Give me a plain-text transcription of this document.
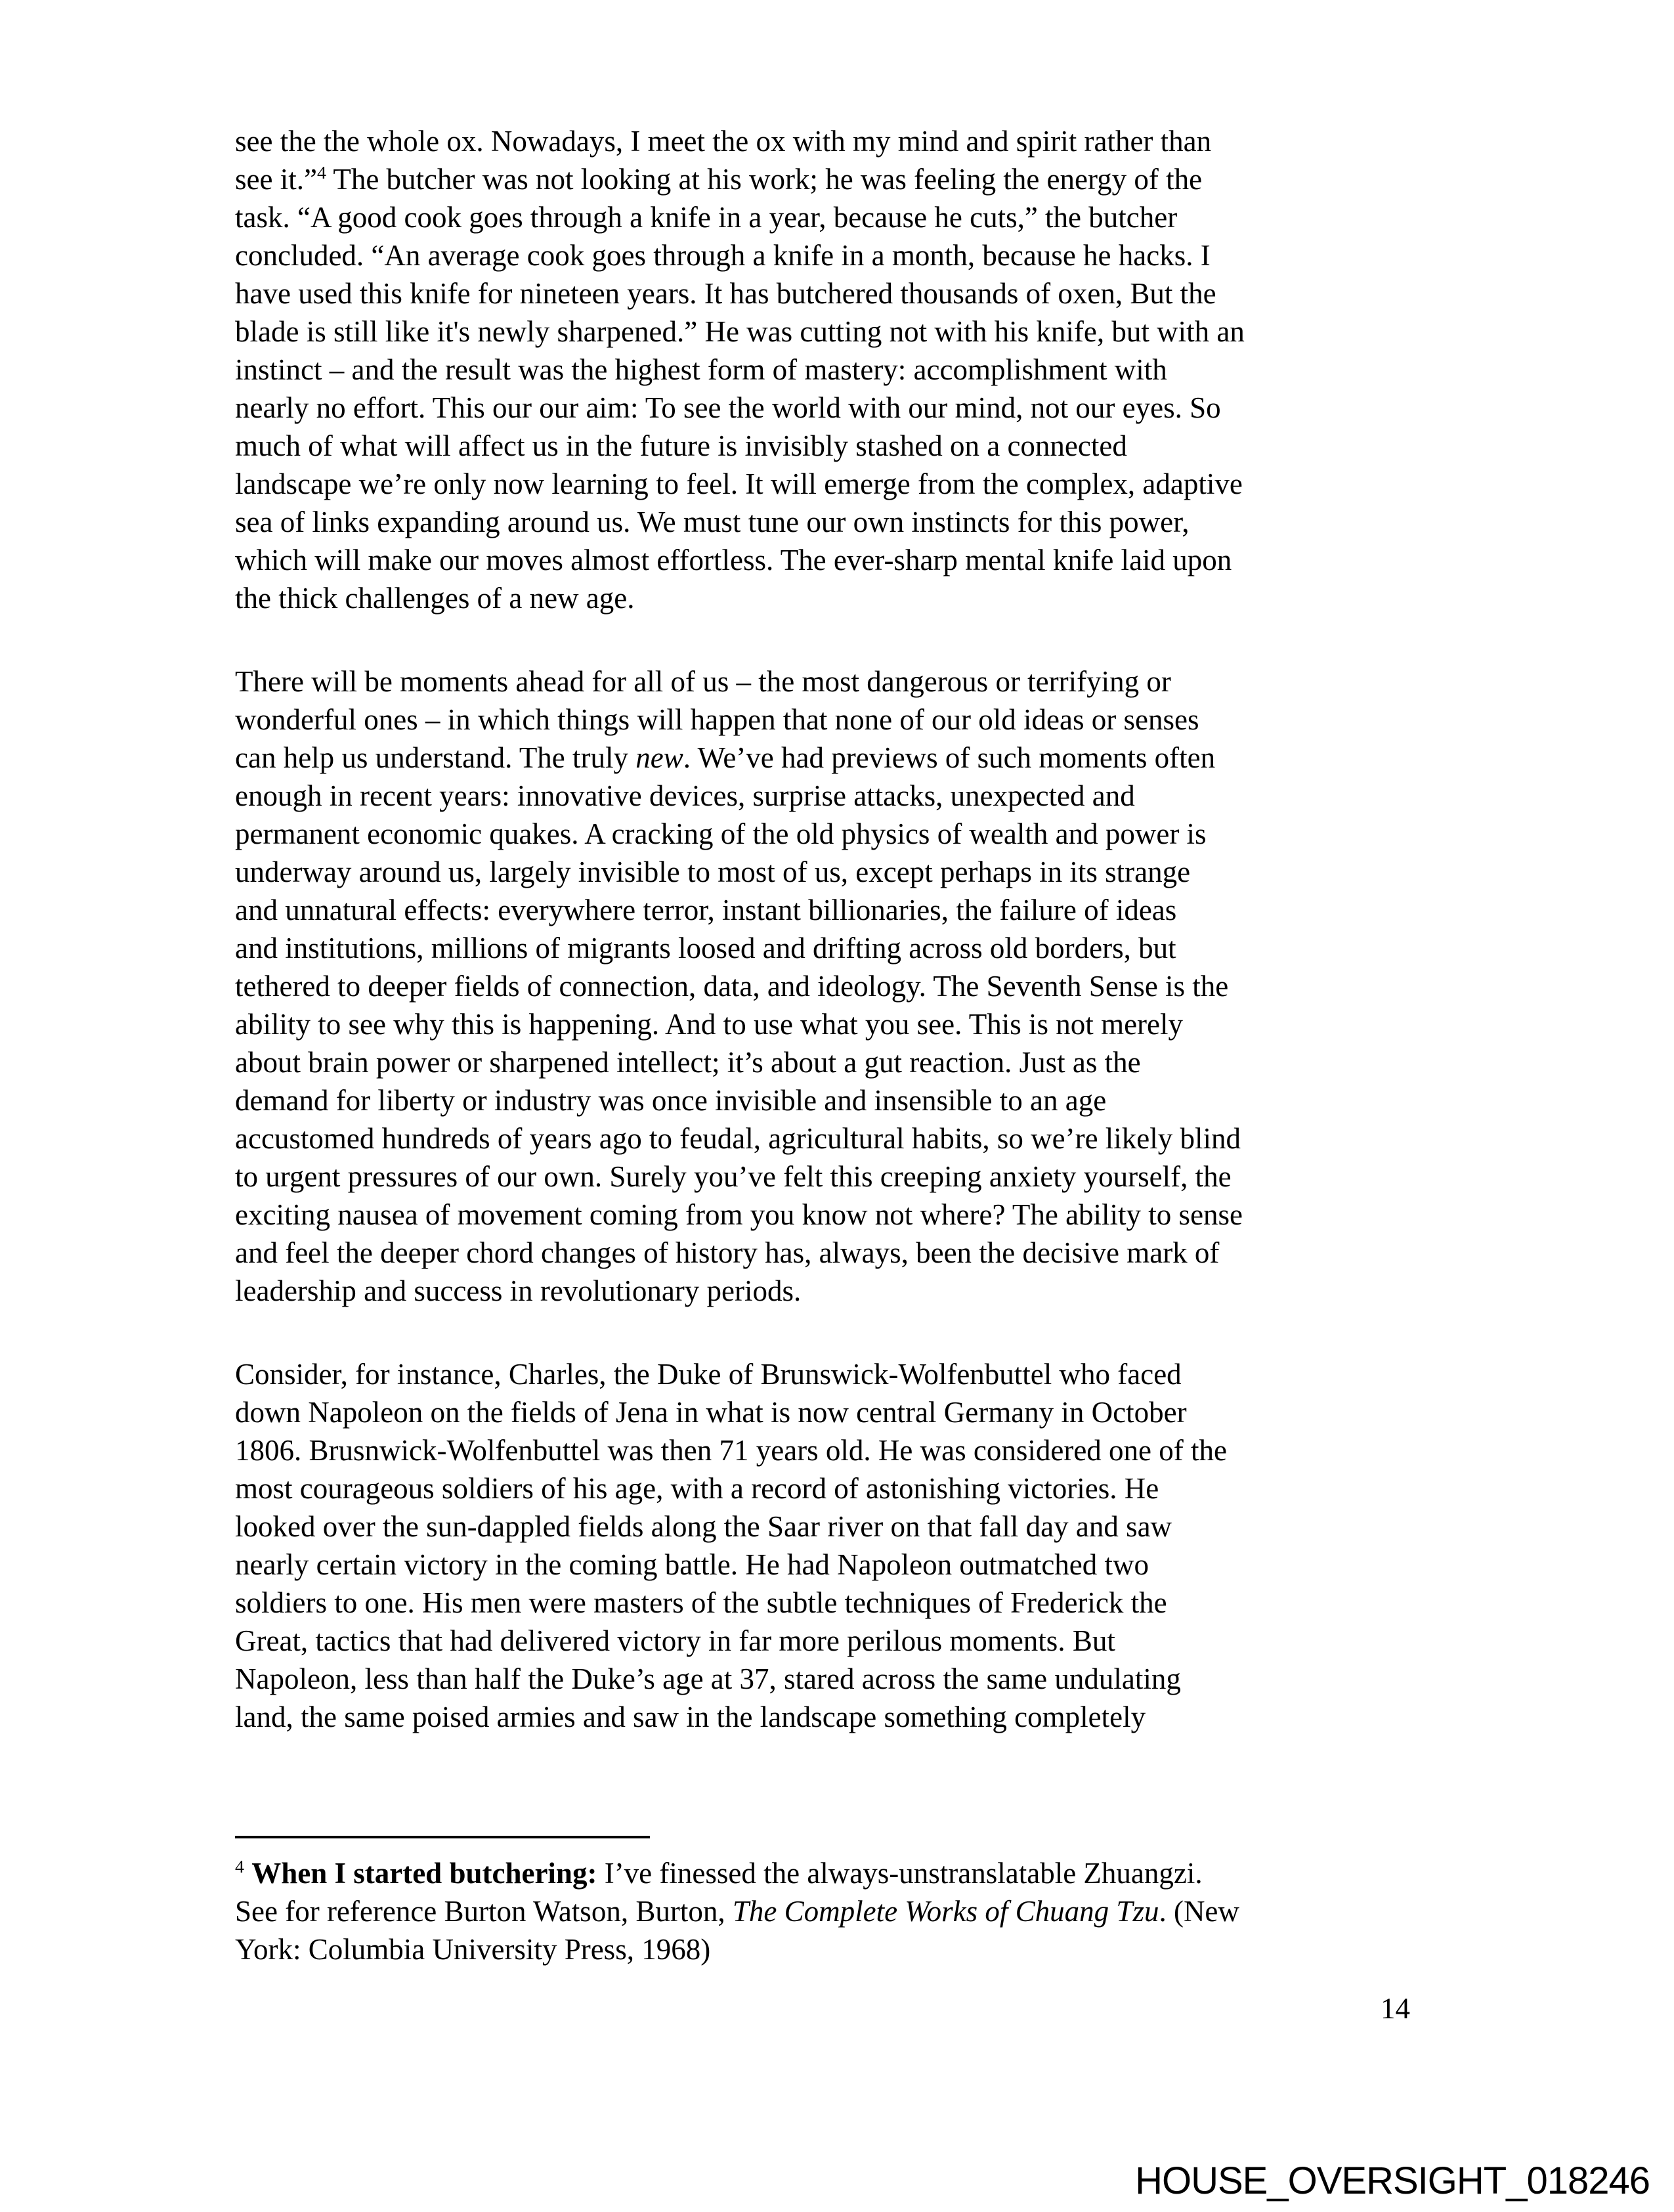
see the the whole ox. Nowadays, I meet the ox with my mind and spirit rather than
see it.”$^4$ The butcher was not looking at his work; he was feeling the energy of the
task. “A good cook goes through a knife in a year, because he cuts,” the butcher
concluded. “An average cook goes through a knife in a month, because he hacks. I
have used this knife for nineteen years. It has butchered thousands of oxen, But the
blade is still like it's newly sharpened.” He was cutting not with his knife, but with an
instinct – and the result was the highest form of mastery: accomplishment with
nearly no effort. This our our aim: To see the world with our mind, not our eyes. So
much of what will affect us in the future is invisibly stashed on a connected
landscape we’re only now learning to feel. It will emerge from the complex, adaptive
sea of links expanding around us. We must tune our own instincts for this power,
which will make our moves almost effortless. The ever-sharp mental knife laid upon
the thick challenges of a new age.
There will be moments ahead for all of us – the most dangerous or terrifying or
wonderful ones – in which things will happen that none of our old ideas or senses
can help us understand. The truly new. We’ve had previews of such moments often
enough in recent years: innovative devices, surprise attacks, unexpected and
permanent economic quakes. A cracking of the old physics of wealth and power is
underway around us, largely invisible to most of us, except perhaps in its strange
and unnatural effects: everywhere terror, instant billionaries, the failure of ideas
and institutions, millions of migrants loosed and drifting across old borders, but
tethered to deeper fields of connection, data, and ideology. The Seventh Sense is the
ability to see why this is happening. And to use what you see. This is not merely
about brain power or sharpened intellect; it’s about a gut reaction. Just as the
demand for liberty or industry was once invisible and insensible to an age
accustomed hundreds of years ago to feudal, agricultural habits, so we’re likely blind
to urgent pressures of our own. Surely you’ve felt this creeping anxiety yourself, the
exciting nausea of movement coming from you know not where? The ability to sense
and feel the deeper chord changes of history has, always, been the decisive mark of
leadership and success in revolutionary periods.
Consider, for instance, Charles, the Duke of Brunswick-Wolfenbuttel who faced
down Napoleon on the fields of Jena in what is now central Germany in October
1806. Brusnwick-Wolfenbuttel was then 71 years old. He was considered one of the
most courageous soldiers of his age, with a record of astonishing victories. He
looked over the sun-dappled fields along the Saar river on that fall day and saw
nearly certain victory in the coming battle. He had Napoleon outmatched two
soldiers to one. His men were masters of the subtle techniques of Frederick the
Great, tactics that had delivered victory in far more perilous moments. But
Napoleon, less than half the Duke’s age at 37, stared across the same undulating
land, the same poised armies and saw in the landscape something completely
$^4$ When I started butchering: I’ve finessed the always-unstranslatable Zhuangzi.
See for reference Burton Watson, Burton, The Complete Works of Chuang Tzu. (New
York: Columbia University Press, 1968)
14
HOUSE_OVERSIGHT_018246
